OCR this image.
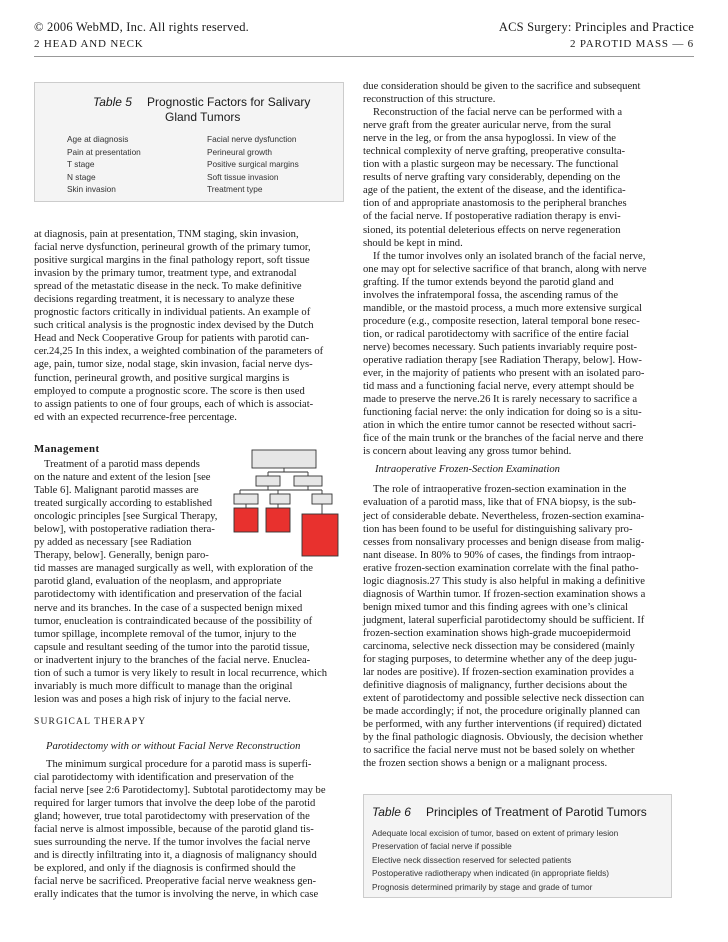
© 2006 WebMD, Inc. All rights reserved.	ACS Surgery: Principles and Practice
2 HEAD AND NECK	2 PAROTID MASS — 6
Table 5 Prognostic Factors for Salivary
Gland Tumors
Age at diagnosis
Pain at presentation
T stage
N stage
Skin invasion
Facial nerve dysfunction
Perineural growth
Positive surgical margins
Soft tissue invasion
Treatment type
at diagnosis, pain at presentation, TNM staging, skin invasion,
facial nerve dysfunction, perineural growth of the primary tumor,
positive surgical margins in the final pathology report, soft tissue
invasion by the primary tumor, treatment type, and extranodal
spread of the metastatic disease in the neck. To make definitive
decisions regarding treatment, it is necessary to analyze these
prognostic factors critically in individual patients. An example of
such critical analysis is the prognostic index devised by the Dutch
Head and Neck Cooperative Group for patients with parotid can-
cer.24,25 In this index, a weighted combination of the parameters of
age, pain, tumor size, nodal stage, skin invasion, facial nerve dys-
function, perineural growth, and positive surgical margins is
employed to compute a prognostic score. The score is then used
to assign patients to one of four groups, each of which is associat-
ed with an expected recurrence-free percentage.
Management
Treatment of a parotid mass depends
on the nature and extent of the lesion [see
Table 6]. Malignant parotid masses are
treated surgically according to established
oncologic principles [see Surgical Therapy,
below], with postoperative radiation thera-
py added as necessary [see Radiation
Therapy, below]. Generally, benign paro-
tid masses are managed surgically as well, with exploration of the
parotid gland, evaluation of the neoplasm, and appropriate
parotidectomy with identification and preservation of the facial
nerve and its branches. In the case of a suspected benign mixed
tumor, enucleation is contraindicated because of the possibility of
tumor spillage, incomplete removal of the tumor, injury to the
capsule and resultant seeding of the tumor into the parotid tissue,
or inadvertent injury to the branches of the facial nerve. Enuclea-
tion of such a tumor is very likely to result in local recurrence, which
invariably is much more difficult to manage than the original
lesion was and poses a high risk of injury to the facial nerve.
SURGICAL THERAPY
Parotidectomy with or without Facial Nerve Reconstruction
The minimum surgical procedure for a parotid mass is superfi-
cial parotidectomy with identification and preservation of the
facial nerve [see 2:6 Parotidectomy]. Subtotal parotidectomy may be
required for larger tumors that involve the deep lobe of the parotid
gland; however, true total parotidectomy with preservation of the
facial nerve is almost impossible, because of the parotid gland tis-
sues surrounding the nerve. If the tumor involves the facial nerve
and is directly infiltrating into it, a diagnosis of malignancy should
be explored, and only if the diagnosis is confirmed should the
facial nerve be sacrificed. Preoperative facial nerve weakness gen-
erally indicates that the tumor is involving the nerve, in which case
due consideration should be given to the sacrifice and subsequent
reconstruction of this structure.
Reconstruction of the facial nerve can be performed with a
nerve graft from the greater auricular nerve, from the sural
nerve in the leg, or from the ansa hypoglossi. In view of the
technical complexity of nerve grafting, preoperative consulta-
tion with a plastic surgeon may be necessary. The functional
results of nerve grafting vary considerably, depending on the
age of the patient, the extent of the disease, and the identifica-
tion of and appropriate anastomosis to the peripheral branches
of the facial nerve. If postoperative radiation therapy is envi-
sioned, its potential deleterious effects on nerve regeneration
should be kept in mind.
If the tumor involves only an isolated branch of the facial nerve,
one may opt for selective sacrifice of that branch, along with nerve
grafting. If the tumor extends beyond the parotid gland and
involves the infratemporal fossa, the ascending ramus of the
mandible, or the mastoid process, a much more extensive surgical
procedure (e.g., composite resection, lateral temporal bone resec-
tion, or radical parotidectomy with sacrifice of the entire facial
nerve) becomes necessary. Such patients invariably require post-
operative radiation therapy [see Radiation Therapy, below]. How-
ever, in the majority of patients who present with an isolated paro-
tid mass and a functioning facial nerve, every attempt should be
made to preserve the nerve.26 It is rarely necessary to sacrifice a
functioning facial nerve: the only indication for doing so is a situ-
ation in which the entire tumor cannot be resected without sacri-
fice of the main trunk or the branches of the facial nerve and there
is concern about leaving any gross tumor behind.
Intraoperative Frozen-Section Examination
The role of intraoperative frozen-section examination in the
evaluation of a parotid mass, like that of FNA biopsy, is the sub-
ject of considerable debate. Nevertheless, frozen-section examina-
tion has been found to be useful for distinguishing salivary pro-
cesses from nonsalivary processes and benign disease from malig-
nant disease. In 80% to 90% of cases, the findings from intraop-
erative frozen-section examination correlate with the final patho-
logic diagnosis.27 This study is also helpful in making a definitive
diagnosis of Warthin tumor. If frozen-section examination shows a
benign mixed tumor and this finding agrees with one’s clinical
judgment, lateral superficial parotidectomy should be sufficient. If
frozen-section examination shows high-grade mucoepidermoid
carcinoma, selective neck dissection may be considered (mainly
for staging purposes, to determine whether any of the deep jugu-
lar nodes are positive). If frozen-section examination provides a
definitive diagnosis of malignancy, further decisions about the
extent of parotidectomy and possible selective neck dissection can
be made accordingly; if not, the procedure originally planned can
be performed, with any further interventions (if required) dictated
by the final pathologic diagnosis. Obviously, the decision whether
to sacrifice the facial nerve must not be based solely on whether
the frozen section shows a benign or a malignant process.
Table 6 Principles of Treatment of Parotid Tumors
Adequate local excision of tumor, based on extent of primary lesion
Preservation of facial nerve if possible
Elective neck dissection reserved for selected patients
Postoperative radiotherapy when indicated (in appropriate fields)
Prognosis determined primarily by stage and grade of tumor
